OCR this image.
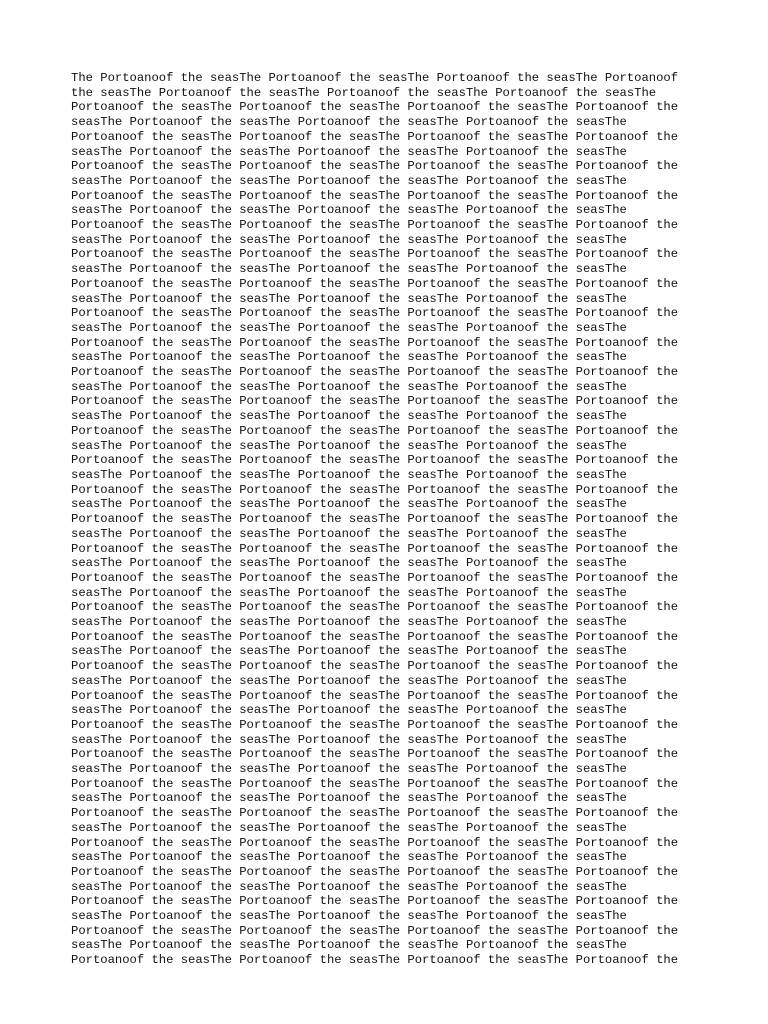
The Portoanoof the seasThe Portoanoof the seasThe Portoanoof the seasThe Portoanoof
the seasThe Portoanoof the seasThe Portoanoof the seasThe Portoanoof the seasThe
Portoanoof the seasThe Portoanoof the seasThe Portoanoof the seasThe Portoanoof the
seasThe Portoanoof the seasThe Portoanoof the seasThe Portoanoof the seasThe
Portoanoof the seasThe Portoanoof the seasThe Portoanoof the seasThe Portoanoof the
seasThe Portoanoof the seasThe Portoanoof the seasThe Portoanoof the seasThe
Portoanoof the seasThe Portoanoof the seasThe Portoanoof the seasThe Portoanoof the
seasThe Portoanoof the seasThe Portoanoof the seasThe Portoanoof the seasThe
Portoanoof the seasThe Portoanoof the seasThe Portoanoof the seasThe Portoanoof the
seasThe Portoanoof the seasThe Portoanoof the seasThe Portoanoof the seasThe
Portoanoof the seasThe Portoanoof the seasThe Portoanoof the seasThe Portoanoof the
seasThe Portoanoof the seasThe Portoanoof the seasThe Portoanoof the seasThe
Portoanoof the seasThe Portoanoof the seasThe Portoanoof the seasThe Portoanoof the
seasThe Portoanoof the seasThe Portoanoof the seasThe Portoanoof the seasThe
Portoanoof the seasThe Portoanoof the seasThe Portoanoof the seasThe Portoanoof the
seasThe Portoanoof the seasThe Portoanoof the seasThe Portoanoof the seasThe
Portoanoof the seasThe Portoanoof the seasThe Portoanoof the seasThe Portoanoof the
seasThe Portoanoof the seasThe Portoanoof the seasThe Portoanoof the seasThe
Portoanoof the seasThe Portoanoof the seasThe Portoanoof the seasThe Portoanoof the
seasThe Portoanoof the seasThe Portoanoof the seasThe Portoanoof the seasThe
Portoanoof the seasThe Portoanoof the seasThe Portoanoof the seasThe Portoanoof the
seasThe Portoanoof the seasThe Portoanoof the seasThe Portoanoof the seasThe
Portoanoof the seasThe Portoanoof the seasThe Portoanoof the seasThe Portoanoof the
seasThe Portoanoof the seasThe Portoanoof the seasThe Portoanoof the seasThe
Portoanoof the seasThe Portoanoof the seasThe Portoanoof the seasThe Portoanoof the
seasThe Portoanoof the seasThe Portoanoof the seasThe Portoanoof the seasThe
Portoanoof the seasThe Portoanoof the seasThe Portoanoof the seasThe Portoanoof the
seasThe Portoanoof the seasThe Portoanoof the seasThe Portoanoof the seasThe
Portoanoof the seasThe Portoanoof the seasThe Portoanoof the seasThe Portoanoof the
seasThe Portoanoof the seasThe Portoanoof the seasThe Portoanoof the seasThe
Portoanoof the seasThe Portoanoof the seasThe Portoanoof the seasThe Portoanoof the
seasThe Portoanoof the seasThe Portoanoof the seasThe Portoanoof the seasThe
Portoanoof the seasThe Portoanoof the seasThe Portoanoof the seasThe Portoanoof the
seasThe Portoanoof the seasThe Portoanoof the seasThe Portoanoof the seasThe
Portoanoof the seasThe Portoanoof the seasThe Portoanoof the seasThe Portoanoof the
seasThe Portoanoof the seasThe Portoanoof the seasThe Portoanoof the seasThe
Portoanoof the seasThe Portoanoof the seasThe Portoanoof the seasThe Portoanoof the
seasThe Portoanoof the seasThe Portoanoof the seasThe Portoanoof the seasThe
Portoanoof the seasThe Portoanoof the seasThe Portoanoof the seasThe Portoanoof the
seasThe Portoanoof the seasThe Portoanoof the seasThe Portoanoof the seasThe
Portoanoof the seasThe Portoanoof the seasThe Portoanoof the seasThe Portoanoof the
seasThe Portoanoof the seasThe Portoanoof the seasThe Portoanoof the seasThe
Portoanoof the seasThe Portoanoof the seasThe Portoanoof the seasThe Portoanoof the
seasThe Portoanoof the seasThe Portoanoof the seasThe Portoanoof the seasThe
Portoanoof the seasThe Portoanoof the seasThe Portoanoof the seasThe Portoanoof the
seasThe Portoanoof the seasThe Portoanoof the seasThe Portoanoof the seasThe
Portoanoof the seasThe Portoanoof the seasThe Portoanoof the seasThe Portoanoof the
seasThe Portoanoof the seasThe Portoanoof the seasThe Portoanoof the seasThe
Portoanoof the seasThe Portoanoof the seasThe Portoanoof the seasThe Portoanoof the
seasThe Portoanoof the seasThe Portoanoof the seasThe Portoanoof the seasThe
Portoanoof the seasThe Portoanoof the seasThe Portoanoof the seasThe Portoanoof the
seasThe Portoanoof the seasThe Portoanoof the seasThe Portoanoof the seasThe
Portoanoof the seasThe Portoanoof the seasThe Portoanoof the seasThe Portoanoof the
seasThe Portoanoof the seasThe Portoanoof the seasThe Portoanoof the seasThe
Portoanoof the seasThe Portoanoof the seasThe Portoanoof the seasThe Portoanoof the
seasThe Portoanoof the seasThe Portoanoof the seasThe Portoanoof the seasThe
Portoanoof the seasThe Portoanoof the seasThe Portoanoof the seasThe Portoanoof the
seasThe Portoanoof the seasThe Portoanoof the seasThe Portoanoof the seasThe
Portoanoof the seasThe Portoanoof the seasThe Portoanoof the seasThe Portoanoof the
seasThe Portoanoof the seasThe Portoanoof the seasThe Portoanoof the seasThe
Portoanoof the seasThe Portoanoof the seasThe Portoanoof the seasThe Portoanoof the
